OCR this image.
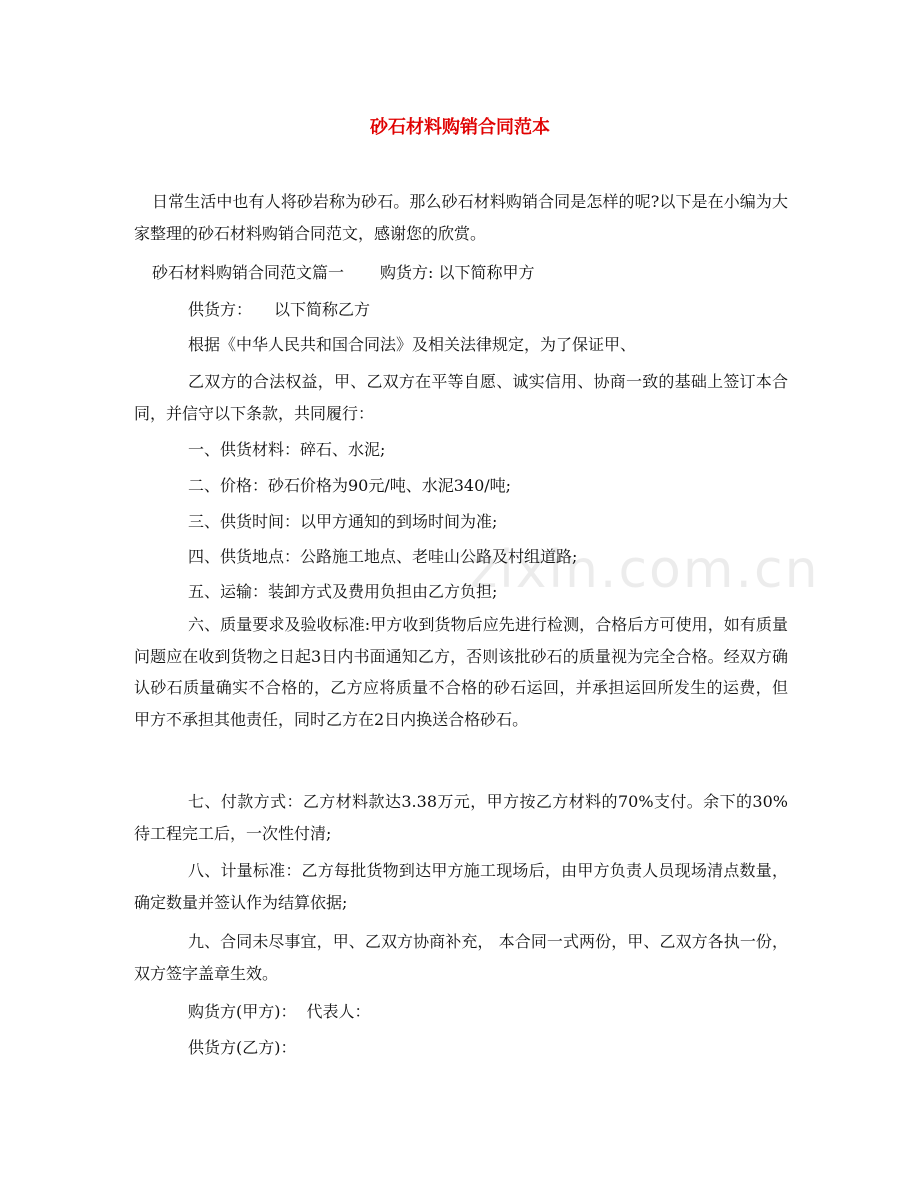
zixin.com.cn
砂石材料购销合同范本
日常生活中也有人将砂岩称为砂石。那么砂石材料购销合同是怎样的呢?以下是在小编为大家整理的砂石材料购销合同范文，感谢您的欣赏。
砂石材料购销合同范文篇一 购货方: 以下简称甲方
供货方： 以下简称乙方
根据《中华人民共和国合同法》及相关法律规定，为了保证甲、
乙双方的合法权益，甲、乙双方在平等自愿、诚实信用、协商一致的基础上签订本合同，并信守以下条款，共同履行：
一、供货材料：碎石、水泥;
二、价格：砂石价格为90元/吨、水泥340/吨;
三、供货时间：以甲方通知的到场时间为准;
四、供货地点：公路施工地点、老哇山公路及村组道路;
五、运输：装卸方式及费用负担由乙方负担;
六、质量要求及验收标准:甲方收到货物后应先进行检测，合格后方可使用，如有质量问题应在收到货物之日起3日内书面通知乙方，否则该批砂石的质量视为完全合格。经双方确认砂石质量确实不合格的，乙方应将质量不合格的砂石运回，并承担运回所发生的运费，但甲方不承担其他责任，同时乙方在2日内换送合格砂石。
七、付款方式：乙方材料款达3.38万元，甲方按乙方材料的70%支付。余下的30%待工程完工后，一次性付清;
八、计量标准：乙方每批货物到达甲方施工现场后，由甲方负责人员现场清点数量，确定数量并签认作为结算依据;
九、合同未尽事宜，甲、乙双方协商补充， 本合同一式两份，甲、乙双方各执一份，双方签字盖章生效。
购货方(甲方)： 代表人：
供货方(乙方)：
